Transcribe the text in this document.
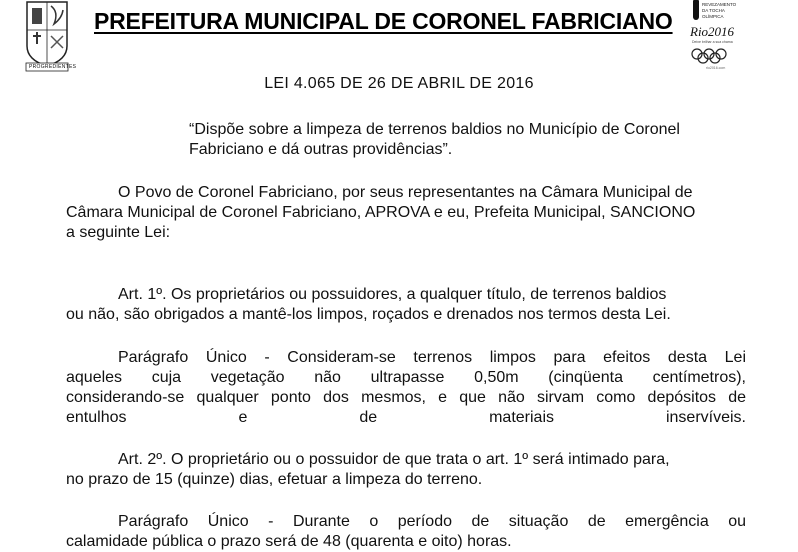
PROGREDIENTES
PREFEITURA MUNICIPAL DE CORONEL FABRICIANO
REVEZAMENTO
DA TOCHA
OLÍMPICA
Rio2016
Deixe brilhar a sua chama
rio2016.com
LEI 4.065 DE 26 DE ABRIL DE 2016
“Dispõe sobre a limpeza de terrenos baldios no Município de Coronel
Fabriciano e dá outras providências”.
O Povo de Coronel Fabriciano, por seus representantes na Câmara Municipal de
Câmara Municipal de Coronel Fabriciano, APROVA e eu, Prefeita Municipal, SANCIONO
a seguinte Lei:
Art. 1º. Os proprietários ou possuidores, a qualquer título, de terrenos baldios
ou não, são obrigados a mantê-los limpos, roçados e drenados nos termos desta Lei.
Parágrafo Único - Consideram-se terrenos limpos para efeitos desta Lei
aqueles cuja vegetação não ultrapasse 0,50m (cinqüenta centímetros),
considerando-se qualquer ponto dos mesmos, e que não sirvam como depósitos de
entulhos e de materiais inservíveis.
Art. 2º. O proprietário ou o possuidor de que trata o art. 1º será intimado para,
no prazo de 15 (quinze) dias, efetuar a limpeza do terreno.
Parágrafo Único - Durante o período de situação de emergência ou
calamidade pública o prazo será de 48 (quarenta e oito) horas.
